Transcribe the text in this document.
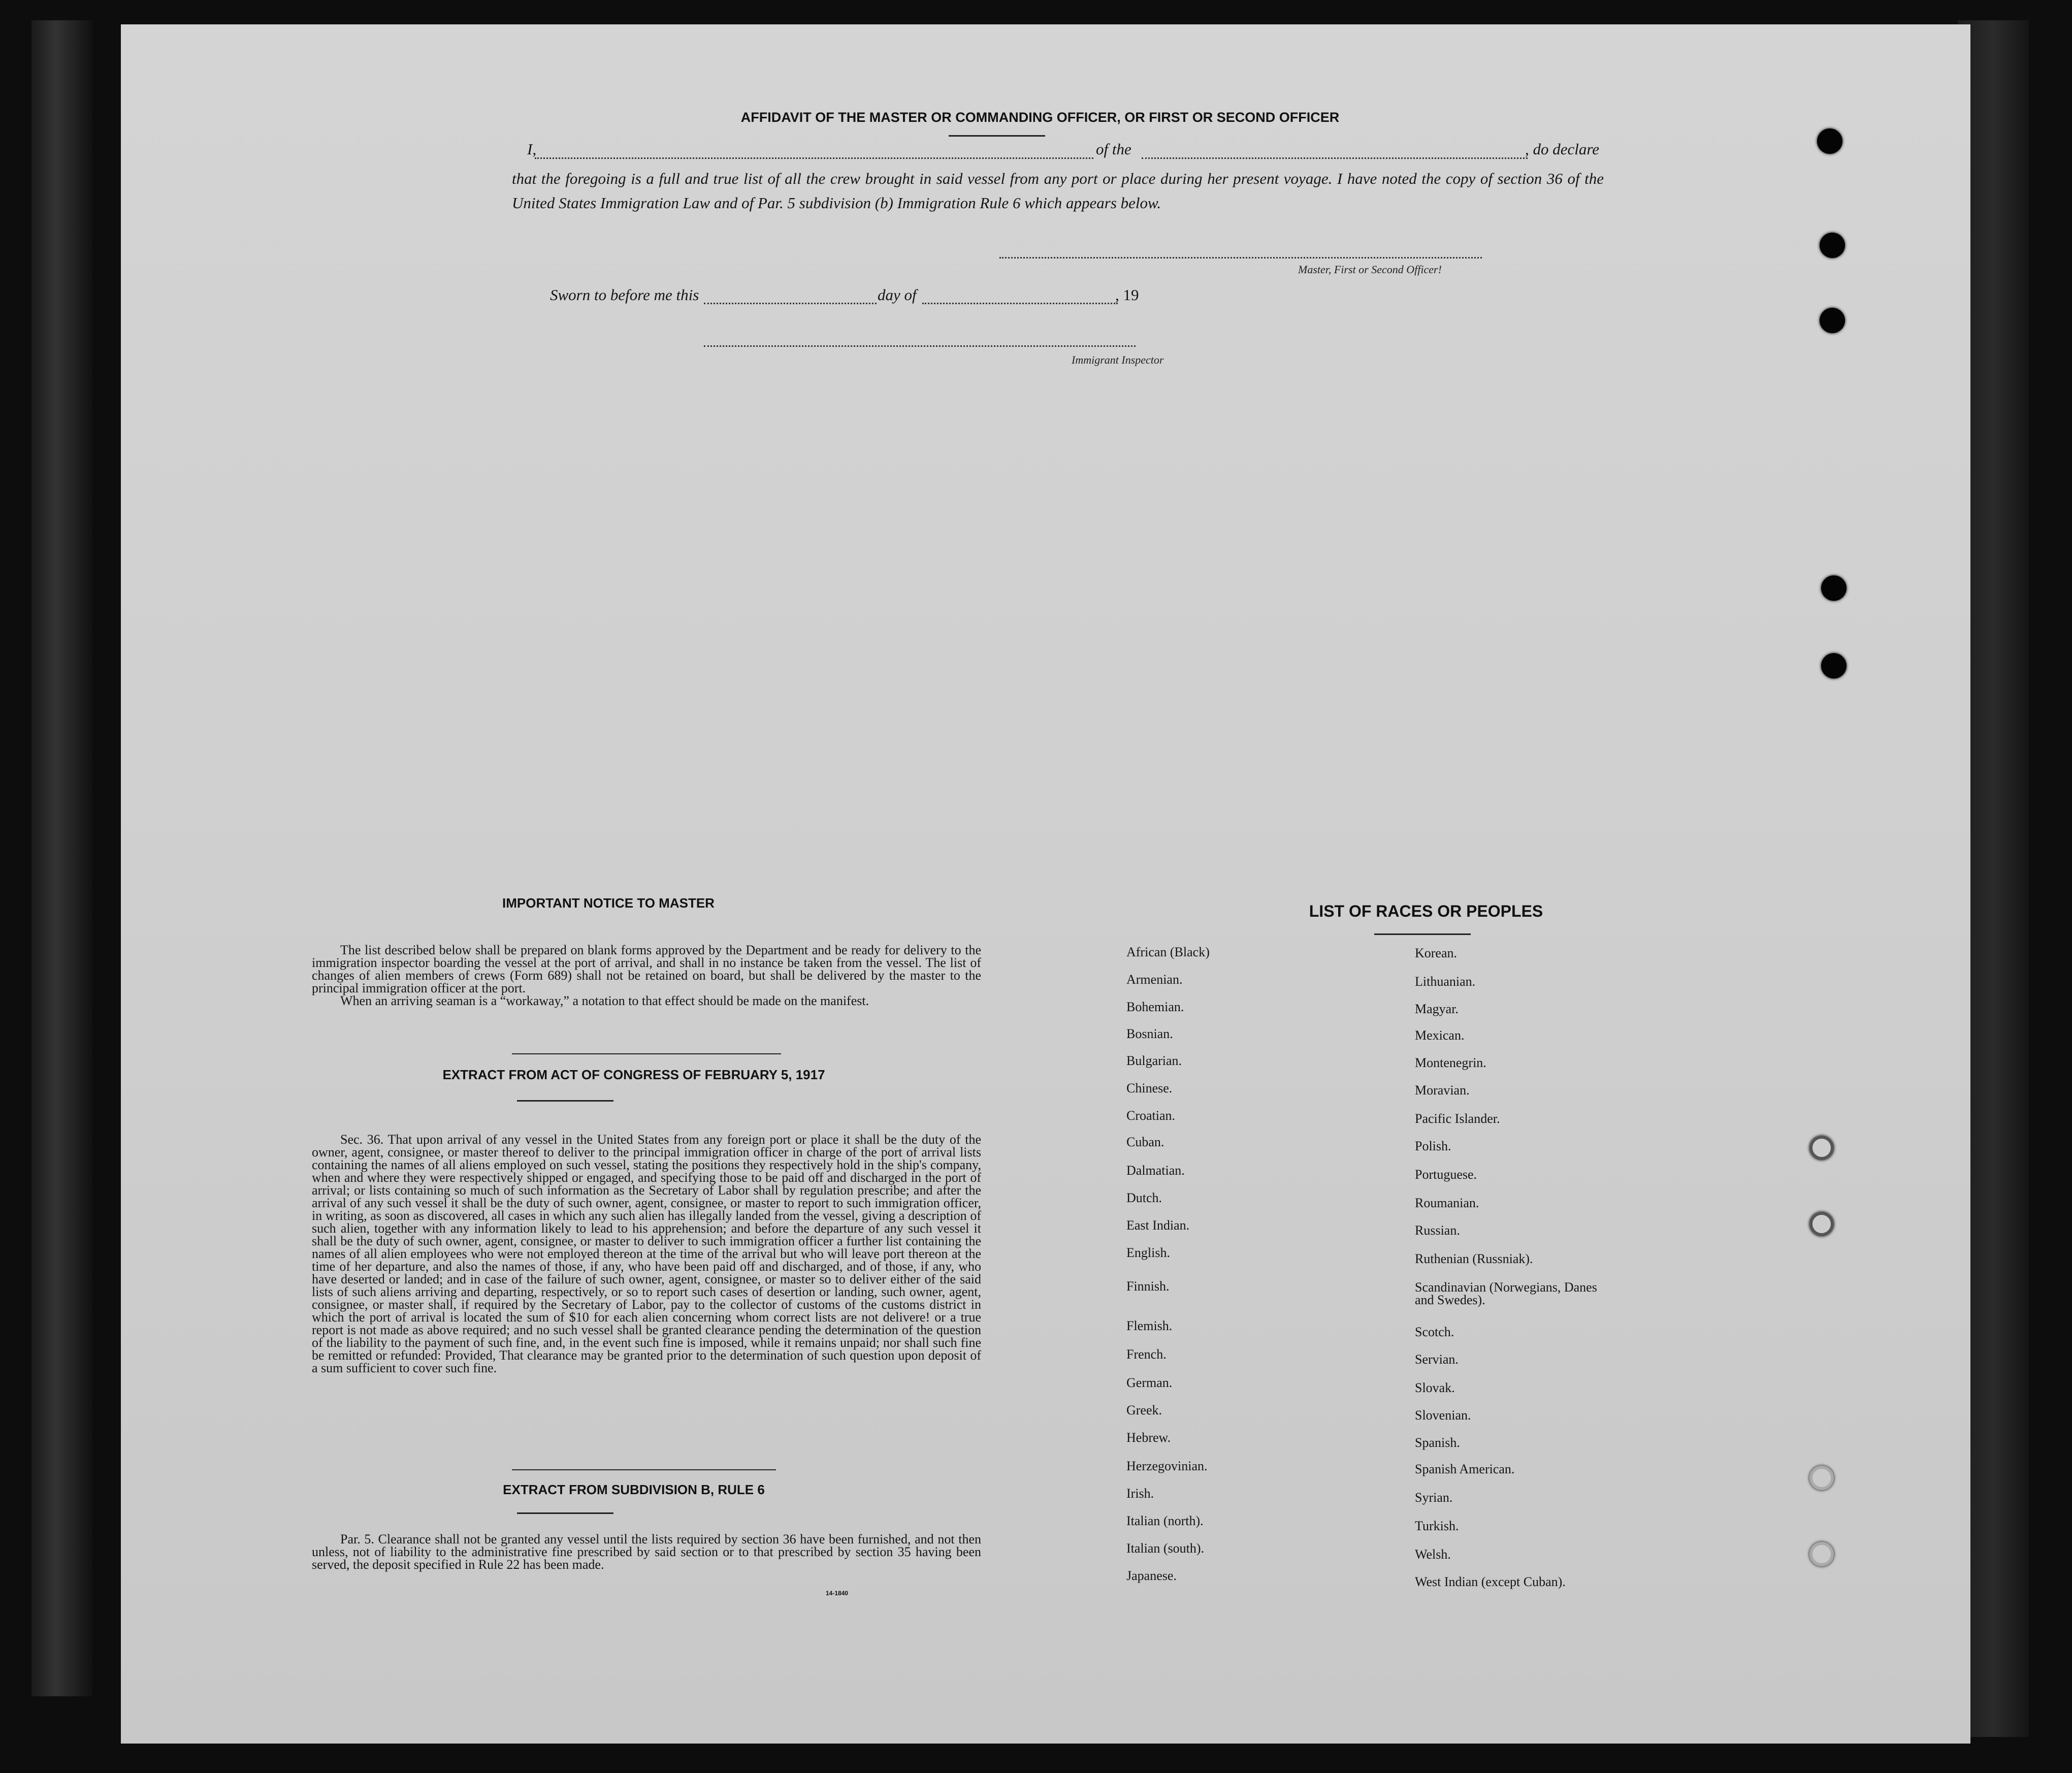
AFFIDAVIT OF THE MASTER OR COMMANDING OFFICER, OR FIRST OR SECOND OFFICER
I,	of the	, do declare
that the foregoing is a full and true list of all the crew brought in said vessel from any port or place during her present voyage. I have noted the copy of section 36 of the United States Immigration Law and of Par. 5 subdivision (b) Immigration Rule 6 which appears below.
Master, First or Second Officer!
Sworn to before me this	day of	, 19
Immigrant Inspector
IMPORTANT NOTICE TO MASTER

The list described below shall be prepared on blank forms approved by the Department and be ready for delivery to the immigration inspector boarding the vessel at the port of arrival, and shall in no instance be taken from the vessel. The list of changes of alien members of crews (Form 689) shall not be retained on board, but shall be delivered by the master to the principal immigration officer at the port.

When an arriving seaman is a “workaway,” a notation to that effect should be made on the manifest.

EXTRACT FROM ACT OF CONGRESS OF FEBRUARY 5, 1917

Sec. 36. That upon arrival of any vessel in the United States from any foreign port or place it shall be the duty of the owner, agent, consignee, or master thereof to deliver to the principal immigration officer in charge of the port of arrival lists containing the names of all aliens employed on such vessel, stating the positions they respectively hold in the ship's company, when and where they were respectively shipped or engaged, and specifying those to be paid off and discharged in the port of arrival; or lists containing so much of such information as the Secretary of Labor shall by regulation prescribe; and after the arrival of any such vessel it shall be the duty of such owner, agent, consignee, or master to report to such immigration officer, in writing, as soon as discovered, all cases in which any such alien has illegally landed from the vessel, giving a description of such alien, together with any information likely to lead to his apprehension; and before the departure of any such vessel it shall be the duty of such owner, agent, consignee, or master to deliver to such immigration officer a further list containing the names of all alien employees who were not employed thereon at the time of the arrival but who will leave port thereon at the time of her departure, and also the names of those, if any, who have been paid off and discharged, and of those, if any, who have deserted or landed; and in case of the failure of such owner, agent, consignee, or master so to deliver either of the said lists of such aliens arriving and departing, respectively, or so to report such cases of desertion or landing, such owner, agent, consignee, or master shall, if required by the Secretary of Labor, pay to the collector of customs of the customs district in which the port of arrival is located the sum of $10 for each alien concerning whom correct lists are not delivere! or a true report is not made as above required; and no such vessel shall be granted clearance pending the determination of the question of the liability to the payment of such fine, and, in the event such fine is imposed, while it remains unpaid; nor shall such fine be remitted or refunded: Provided, That clearance may be granted prior to the determination of such question upon deposit of a sum sufficient to cover such fine.

EXTRACT FROM SUBDIVISION B, RULE 6

Par. 5. Clearance shall not be granted any vessel until the lists required by section 36 have been furnished, and not then unless, not of liability to the administrative fine prescribed by said section or to that prescribed by section 35 having been served, the deposit specified in Rule 22 has been made.

14-1840
LIST OF RACES OR PEOPLES
African (Black)
Armenian.
Bohemian.
Bosnian.
Bulgarian.
Chinese.
Croatian.
Cuban.
Dalmatian.
Dutch.
East Indian.
English.
Finnish.
Flemish.
French.
German.
Greek.
Hebrew.
Herzegovinian.
Irish.
Italian (north).
Italian (south).
Japanese.
Korean.
Lithuanian.
Magyar.
Mexican.
Montenegrin.
Moravian.
Pacific Islander.
Polish.
Portuguese.
Roumanian.
Russian.
Ruthenian (Russniak).
Scandinavian (Norwegians, Danes and Swedes).
Scotch.
Servian.
Slovak.
Slovenian.
Spanish.
Spanish American.
Syrian.
Turkish.
Welsh.
West Indian (except Cuban).
